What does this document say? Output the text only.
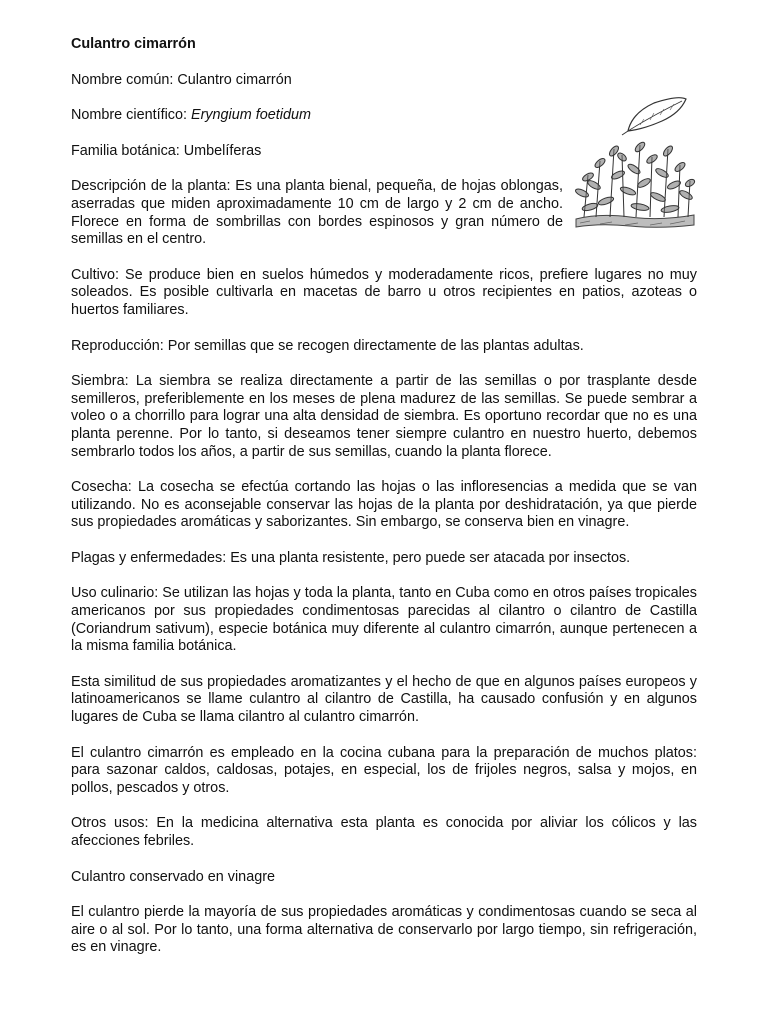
Culantro cimarrón

Nombre común: Culantro cimarrón

Nombre científico: Eryngium foetidum

Familia botánica: Umbelíferas

Descripción de la planta: Es una planta bienal, pequeña, de hojas oblongas, aserradas que miden aproximadamente 10 cm de largo y 2 cm de ancho. Florece en forma de sombrillas con bordes espinosos y gran número de semillas en el centro.

Cultivo: Se produce bien en suelos húmedos y moderadamente ricos, prefiere lugares no muy soleados. Es posible cultivarla en macetas de barro u otros recipientes en patios, azoteas o huertos familiares.

Reproducción: Por semillas que se recogen directamente de las plantas adultas.

Siembra: La siembra se realiza directamente a partir de las semillas o por trasplante desde semilleros, preferiblemente en los meses de plena madurez de las semillas. Se puede sembrar a voleo o a chorrillo para lograr una alta densidad de siembra. Es oportuno recordar que no es una planta perenne. Por lo tanto, si deseamos tener siempre culantro en nuestro huerto, debemos sembrarlo todos los años, a partir de sus semillas, cuando la planta florece.

Cosecha: La cosecha se efectúa cortando las hojas o las infloresencias a medida que se van utilizando. No es aconsejable conservar las hojas de la planta por deshidratación, ya que pierde sus propiedades aromáticas y saborizantes. Sin embargo, se conserva bien en vinagre.

Plagas y enfermedades: Es una planta resistente, pero puede ser atacada por insectos.

Uso culinario: Se utilizan las hojas y toda la planta, tanto en Cuba como en otros países tropicales americanos por sus propiedades condimentosas parecidas al cilantro o cilantro de Castilla (Coriandrum sativum), especie botánica muy diferente al culantro cimarrón, aunque pertenecen a la misma familia botánica.

Esta similitud de sus propiedades aromatizantes y el hecho de que en algunos países europeos y latinoamericanos se llame culantro al cilantro de Castilla, ha causado confusión y en algunos lugares de Cuba se llama cilantro al culantro cimarrón.

El culantro cimarrón es empleado en la cocina cubana para la preparación de muchos platos: para sazonar caldos, caldosas, potajes, en especial, los de frijoles negros, salsa y mojos, en pollos, pescados y otros.

Otros usos: En la medicina alternativa esta planta es conocida por aliviar los cólicos y las afecciones febriles.

Culantro conservado en vinagre

El culantro pierde la mayoría de sus propiedades aromáticas y condimentosas cuando se seca al aire o al sol. Por lo tanto, una forma alternativa de conservarlo por largo tiempo, sin refrigeración, es en vinagre.
